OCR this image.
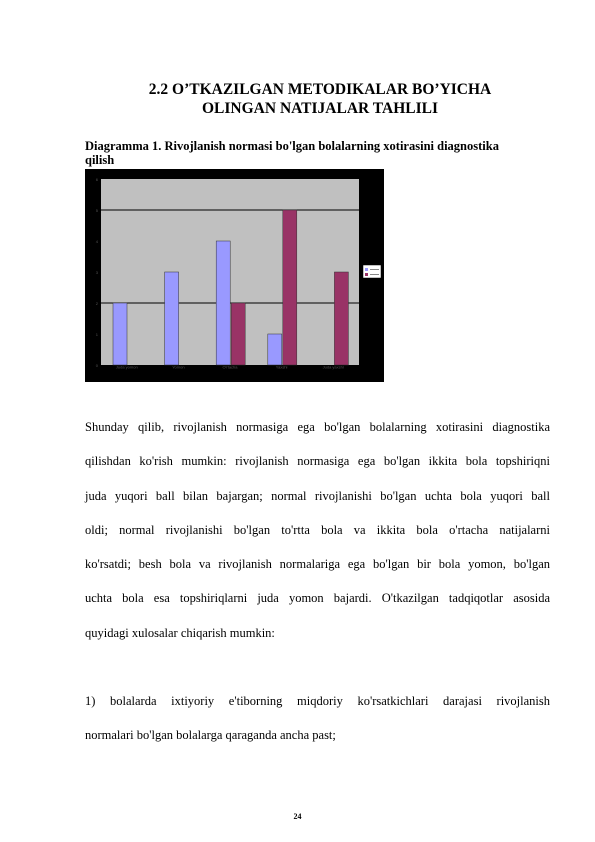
2.2 O’TKAZILGAN METODIKALAR BO’YICHA
OLINGAN NATIJALAR TAHLILI
Diagramma 1. Rivojlanish normasi bo'lgan bolalarning xotirasini diagnostika
qilish
0
1
2
3
4
5
6
Juda yomon	Yomon	O'rtacha	Yaxshi	Juda yaxshi
Shunday qilib, rivojlanish normasiga ega bo'lgan bolalarning xotirasini diagnostika
qilishdan ko'rish mumkin: rivojlanish normasiga ega bo'lgan ikkita bola topshiriqni
juda yuqori ball bilan bajargan; normal rivojlanishi bo'lgan uchta bola yuqori ball
oldi; normal rivojlanishi bo'lgan to'rtta bola va ikkita bola o'rtacha natijalarni
ko'rsatdi; besh bola va rivojlanish normalariga ega bo'lgan bir bola yomon, bo'lgan
uchta bola esa topshiriqlarni juda yomon bajardi. O'tkazilgan tadqiqotlar asosida
quyidagi xulosalar chiqarish mumkin:
1) bolalarda ixtiyoriy e'tiborning miqdoriy ko'rsatkichlari darajasi rivojlanish
normalari bo'lgan bolalarga qaraganda ancha past;
24
